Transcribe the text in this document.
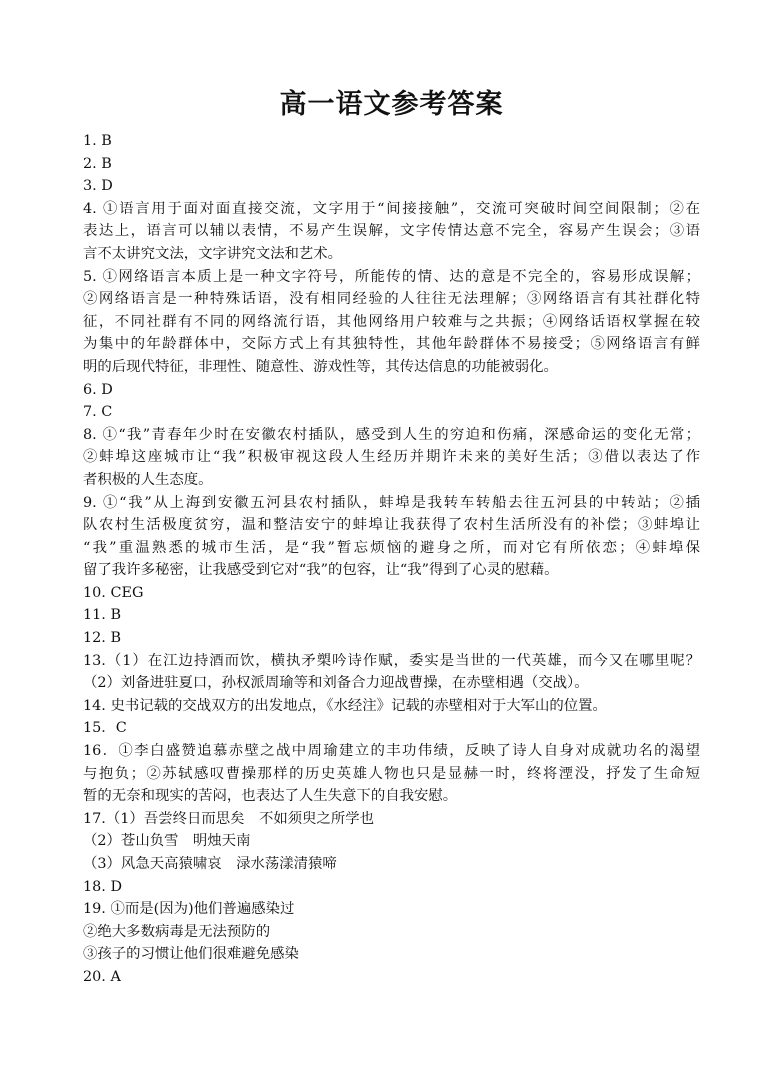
高一语文参考答案
1. B
2. B
3. D
4. ①语言用于面对面直接交流，文字用于“间接接触”，交流可突破时间空间限制；②在
表达上，语言可以辅以表情，不易产生误解，文字传情达意不完全，容易产生误会；③语
言不太讲究文法，文字讲究文法和艺术。
5. ①网络语言本质上是一种文字符号，所能传的情、达的意是不完全的，容易形成误解；
②网络语言是一种特殊话语，没有相同经验的人往往无法理解；③网络语言有其社群化特
征，不同社群有不同的网络流行语，其他网络用户较难与之共振；④网络话语权掌握在较
为集中的年龄群体中，交际方式上有其独特性，其他年龄群体不易接受；⑤网络语言有鲜
明的后现代特征，非理性、随意性、游戏性等，其传达信息的功能被弱化。
6. D
7. C
8. ①“我”青春年少时在安徽农村插队，感受到人生的穷迫和伤痛，深感命运的变化无常；
②蚌埠这座城市让“我”积极审视这段人生经历并期许未来的美好生活；③借以表达了作
者积极的人生态度。
9. ①“我”从上海到安徽五河县农村插队，蚌埠是我转车转船去往五河县的中转站；②插
队农村生活极度贫穷，温和整洁安宁的蚌埠让我获得了农村生活所没有的补偿；③蚌埠让
“我”重温熟悉的城市生活，是“我”暂忘烦恼的避身之所，而对它有所依恋；④蚌埠保
留了我许多秘密，让我感受到它对“我”的包容，让“我”得到了心灵的慰藉。
10. CEG
11. B
12. B
13.（1）在江边持酒而饮，横执矛槊吟诗作赋，委实是当世的一代英雄，而今又在哪里呢？
（2）刘备进驻夏口，孙权派周瑜等和刘备合力迎战曹操，在赤壁相遇（交战）。
14. 史书记载的交战双方的出发地点，《水经注》记载的赤壁相对于大军山的位置。
15．C
16．①李白盛赞追慕赤壁之战中周瑜建立的丰功伟绩，反映了诗人自身对成就功名的渴望
与抱负；②苏轼感叹曹操那样的历史英雄人物也只是显赫一时，终将湮没，抒发了生命短
暂的无奈和现实的苦闷，也表达了人生失意下的自我安慰。
17.（1）吾尝终日而思矣　不如须臾之所学也
（2）苍山负雪　明烛天南
（3）风急天高猿啸哀　渌水荡漾清猿啼
18. D
19. ①而是(因为)他们普遍感染过
②绝大多数病毒是无法预防的
③孩子的习惯让他们很难避免感染
20. A
